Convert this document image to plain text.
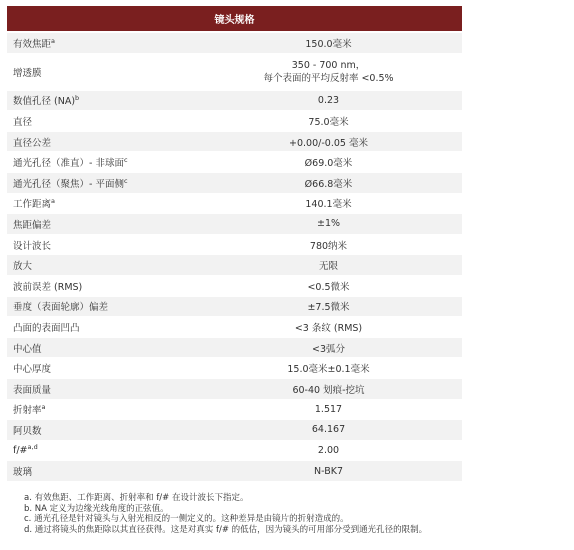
镜头规格	
有效焦距$^a$	150.0毫米
增透膜	350 - 700 nm，
每个表面的平均反射率 <0.5%

数值孔径 (NA)$^b$	0.23
直径	75.0毫米
直径公差	+0.00/-0.05 毫米
通光孔径（准直）- 非球面$^c$	Ø69.0毫米
通光孔径（聚焦）- 平面侧$^c$	Ø66.8毫米
工作距离$^a$	140.1毫米
焦距偏差	±1%
设计波长	780纳米
放大	无限
波前误差 (RMS)	<0.5微米
垂度（表面轮廓）偏差	±7.5微米
凸面的表面凹凸	<3 条纹 (RMS)
中心值	<3弧分
中心厚度	15.0毫米±0.1毫米
表面质量	60-40 划痕-挖坑
折射率$^a$	1.517
阿贝数	64.167
f/#$^{a,d}$	2.00
玻璃	N-BK7
a. 有效焦距、工作距离、折射率和 f/# 在设计波长下指定。
b. NA 定义为边缘光线角度的正弦值。
c. 通光孔径是针对镜头与入射光相反的一侧定义的。这种差异是由镜片的折射造成的。
d. 通过将镜头的焦距除以其直径获得。这是对真实 f/# 的低估，因为镜头的可用部分受到通光孔径的限制。
